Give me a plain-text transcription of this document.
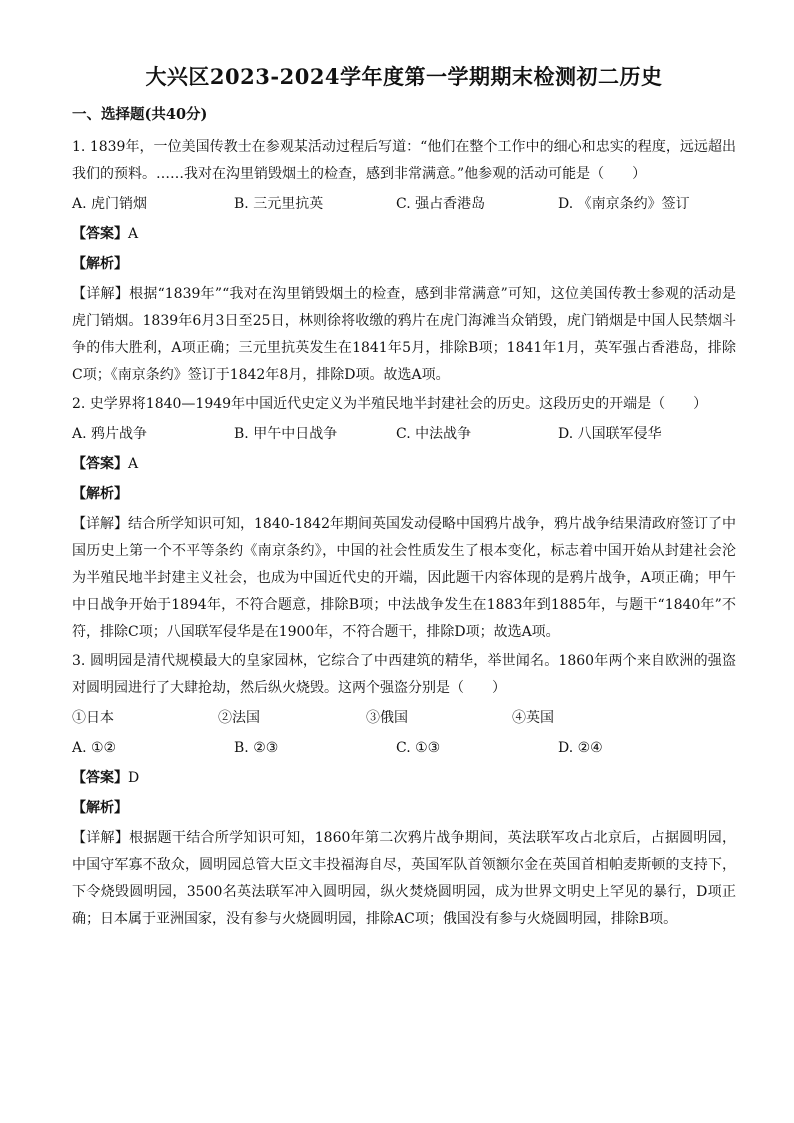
大兴区2023-2024学年度第一学期期末检测初二历史
一、选择题(共40分)

1. 1839年，一位美国传教士在参观某活动过程后写道：“他们在整个工作中的细心和忠实的程度，远远超出我们的预料。……我对在沟里销毁烟土的检查，感到非常满意。”他参观的活动可能是（　　）

A. 虎门销烟	B. 三元里抗英	C. 强占香港岛	D. 《南京条约》签订
【答案】A
【解析】

【详解】根据“1839年”“我对在沟里销毁烟土的检查，感到非常满意”可知，这位美国传教士参观的活动是虎门销烟。1839年6月3日至25日，林则徐将收缴的鸦片在虎门海滩当众销毁，虎门销烟是中国人民禁烟斗争的伟大胜利，A项正确；三元里抗英发生在1841年5月，排除B项；1841年1月，英军强占香港岛，排除C项；《南京条约》签订于1842年8月，排除D项。故选A项。

2. 史学界将1840—1949年中国近代史定义为半殖民地半封建社会的历史。这段历史的开端是（　　）

A. 鸦片战争	B. 甲午中日战争	C. 中法战争	D. 八国联军侵华
【答案】A
【解析】

【详解】结合所学知识可知，1840-1842年期间英国发动侵略中国鸦片战争，鸦片战争结果清政府签订了中国历史上第一个不平等条约《南京条约》，中国的社会性质发生了根本变化，标志着中国开始从封建社会沦为半殖民地半封建主义社会，也成为中国近代史的开端，因此题干内容体现的是鸦片战争，A项正确；甲午中日战争开始于1894年，不符合题意，排除B项；中法战争发生在1883年到1885年，与题干“1840年”不符，排除C项；八国联军侵华是在1900年，不符合题干，排除D项；故选A项。

3. 圆明园是清代规模最大的皇家园林，它综合了中西建筑的精华，举世闻名。1860年两个来自欧洲的强盗对圆明园进行了大肆抢劫，然后纵火烧毁。这两个强盗分别是（　　）

①日本	②法国	③俄国	④英国
A. ①②	B. ②③	C. ①③	D. ②④
【答案】D
【解析】

【详解】根据题干结合所学知识可知，1860年第二次鸦片战争期间，英法联军攻占北京后，占据圆明园，中国守军寡不敌众，圆明园总管大臣文丰投福海自尽，英国军队首领额尔金在英国首相帕麦斯顿的支持下，下令烧毁圆明园，3500名英法联军冲入圆明园，纵火焚烧圆明园，成为世界文明史上罕见的暴行，D项正确；日本属于亚洲国家，没有参与火烧圆明园，排除AC项；俄国没有参与火烧圆明园，排除B项。
